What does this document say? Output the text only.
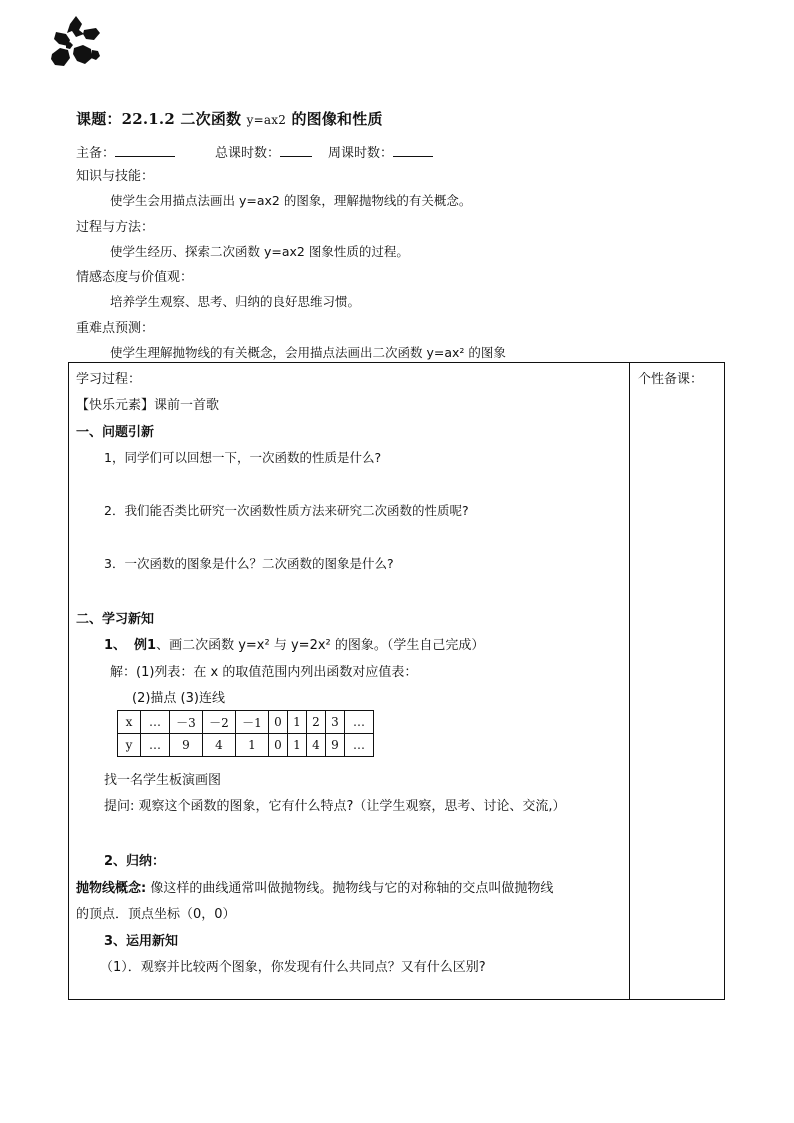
课题：22.1.2 二次函数 y=ax2 的图像和性质
主备：	总课时数：	周课时数：
知识与技能：
使学生会用描点法画出 y=ax2 的图象，理解抛物线的有关概念。
过程与方法：
使学生经历、探索二次函数 y=ax2 图象性质的过程。
情感态度与价值观：
培养学生观察、思考、归纳的良好思维习惯。
重难点预测：
使学生理解抛物线的有关概念，会用描点法画出二次函数 y=ax² 的图象
个性备课：
学习过程：
【快乐元素】课前一首歌
一、问题引新
1，同学们可以回想一下，一次函数的性质是什么?
2．我们能否类比研究一次函数性质方法来研究二次函数的性质呢?
3．一次函数的图象是什么？二次函数的图象是什么?
二、学习新知
1、 例1、画二次函数 y=x² 与 y=2x² 的图象。（学生自己完成）
解：(1)列表：在 x 的取值范围内列出函数对应值表：
(2)描点 (3)连线
x	…	－3	－2	－1	0	1	2	3	…
y	…	9	4	1	0	1	4	9	…
找一名学生板演画图
提问: 观察这个函数的图象，它有什么特点?（让学生观察，思考、讨论、交流,）
2、归纳：
抛物线概念: 像这样的曲线通常叫做抛物线。抛物线与它的对称轴的交点叫做抛物线
的顶点．顶点坐标（0，0）
3、运用新知
（1）．观察并比较两个图象，你发现有什么共同点？又有什么区别?
